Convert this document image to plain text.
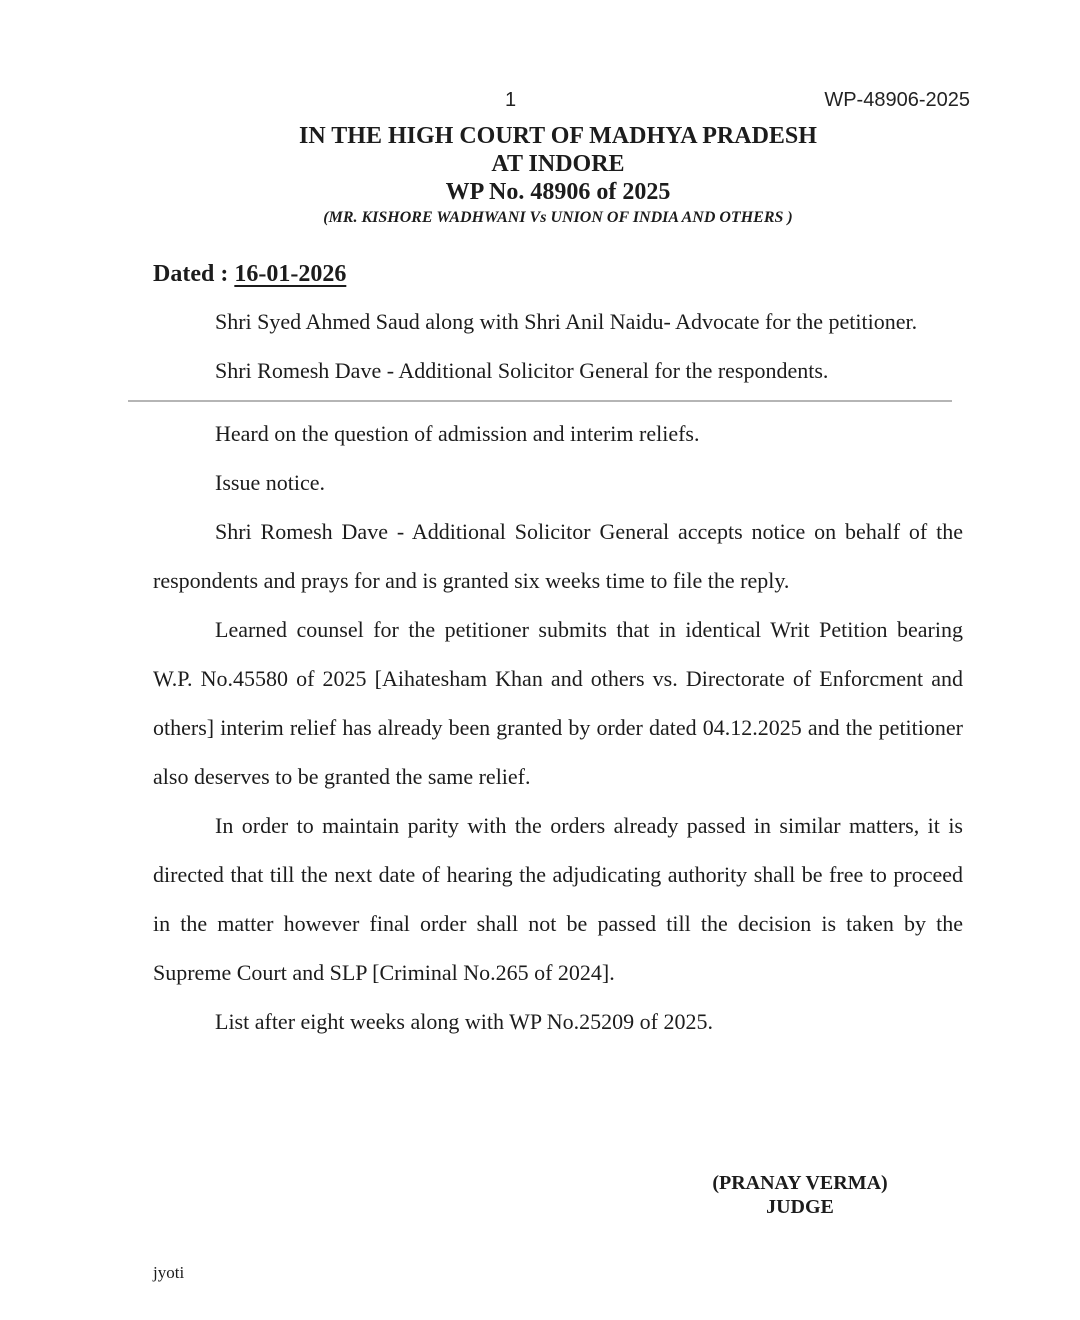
1	WP-48906-2025
IN THE HIGH COURT OF MADHYA PRADESH
AT INDORE
WP No. 48906 of 2025
(MR. KISHORE WADHWANI Vs UNION OF INDIA AND OTHERS )
Dated : 16-01-2026

Shri Syed Ahmed Saud along with Shri Anil Naidu- Advocate for the petitioner.

Shri Romesh Dave - Additional Solicitor General for the respondents.

Heard on the question of admission and interim reliefs.

Issue notice.

Shri Romesh Dave - Additional Solicitor General accepts notice on behalf of the respondents and prays for and is granted six weeks time to file the reply.

Learned counsel for the petitioner submits that in identical Writ Petition bearing W.P. No.45580 of 2025 [Aihatesham Khan and others vs. Directorate of Enforcment and others] interim relief has already been granted by order dated 04.12.2025 and the petitioner also deserves to be granted the same relief.

In order to maintain parity with the orders already passed in similar matters, it is directed that till the next date of hearing the adjudicating authority shall be free to proceed in the matter however final order shall not be passed till the decision is taken by the Supreme Court and SLP [Criminal No.265 of 2024].

List after eight weeks along with WP No.25209 of 2025.

(PRANAY VERMA)
JUDGE
jyoti
